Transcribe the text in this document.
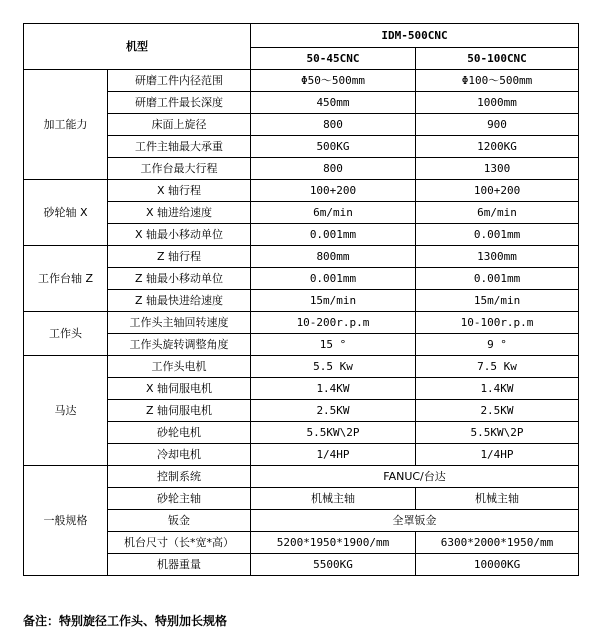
机型		IDM-500CNC	
		50-45CNC	50-100CNC
加工能力	研磨工件内径范围	Φ50～500mm	Φ100～500mm
	研磨工件最长深度	450mm	1000mm
	床面上旋径	800	900
	工件主轴最大承重	500KG	1200KG
	工作台最大行程	800	1300
砂轮轴 X	X 轴行程	100+200	100+200
	X 轴进给速度	6m/min	6m/min
	X 轴最小移动单位	0.001mm	0.001mm
工作台轴 Z	Z 轴行程	800mm	1300mm
	Z 轴最小移动单位	0.001mm	0.001mm
	Z 轴最快进给速度	15m/min	15m/min
工作头	工作头主轴回转速度	10-200r.p.m	10-100r.p.m
	工作头旋转调整角度	15 °	9 °
马达	工作头电机	5.5 Kw	7.5 Kw
	X 轴伺服电机	1.4KW	1.4KW
	Z 轴伺服电机	2.5KW	2.5KW
	砂轮电机	5.5KW\2P	5.5KW\2P
	冷却电机	1/4HP	1/4HP
一般规格	控制系统	FANUC/台达	
	砂轮主轴	机械主轴	机械主轴
	钣金	全罩钣金	
	机台尺寸（长*宽*高）	5200*1950*1900/mm	6300*2000*1950/mm
	机器重量	5500KG	10000KG
备注：特别旋径工作头、特别加长规格
